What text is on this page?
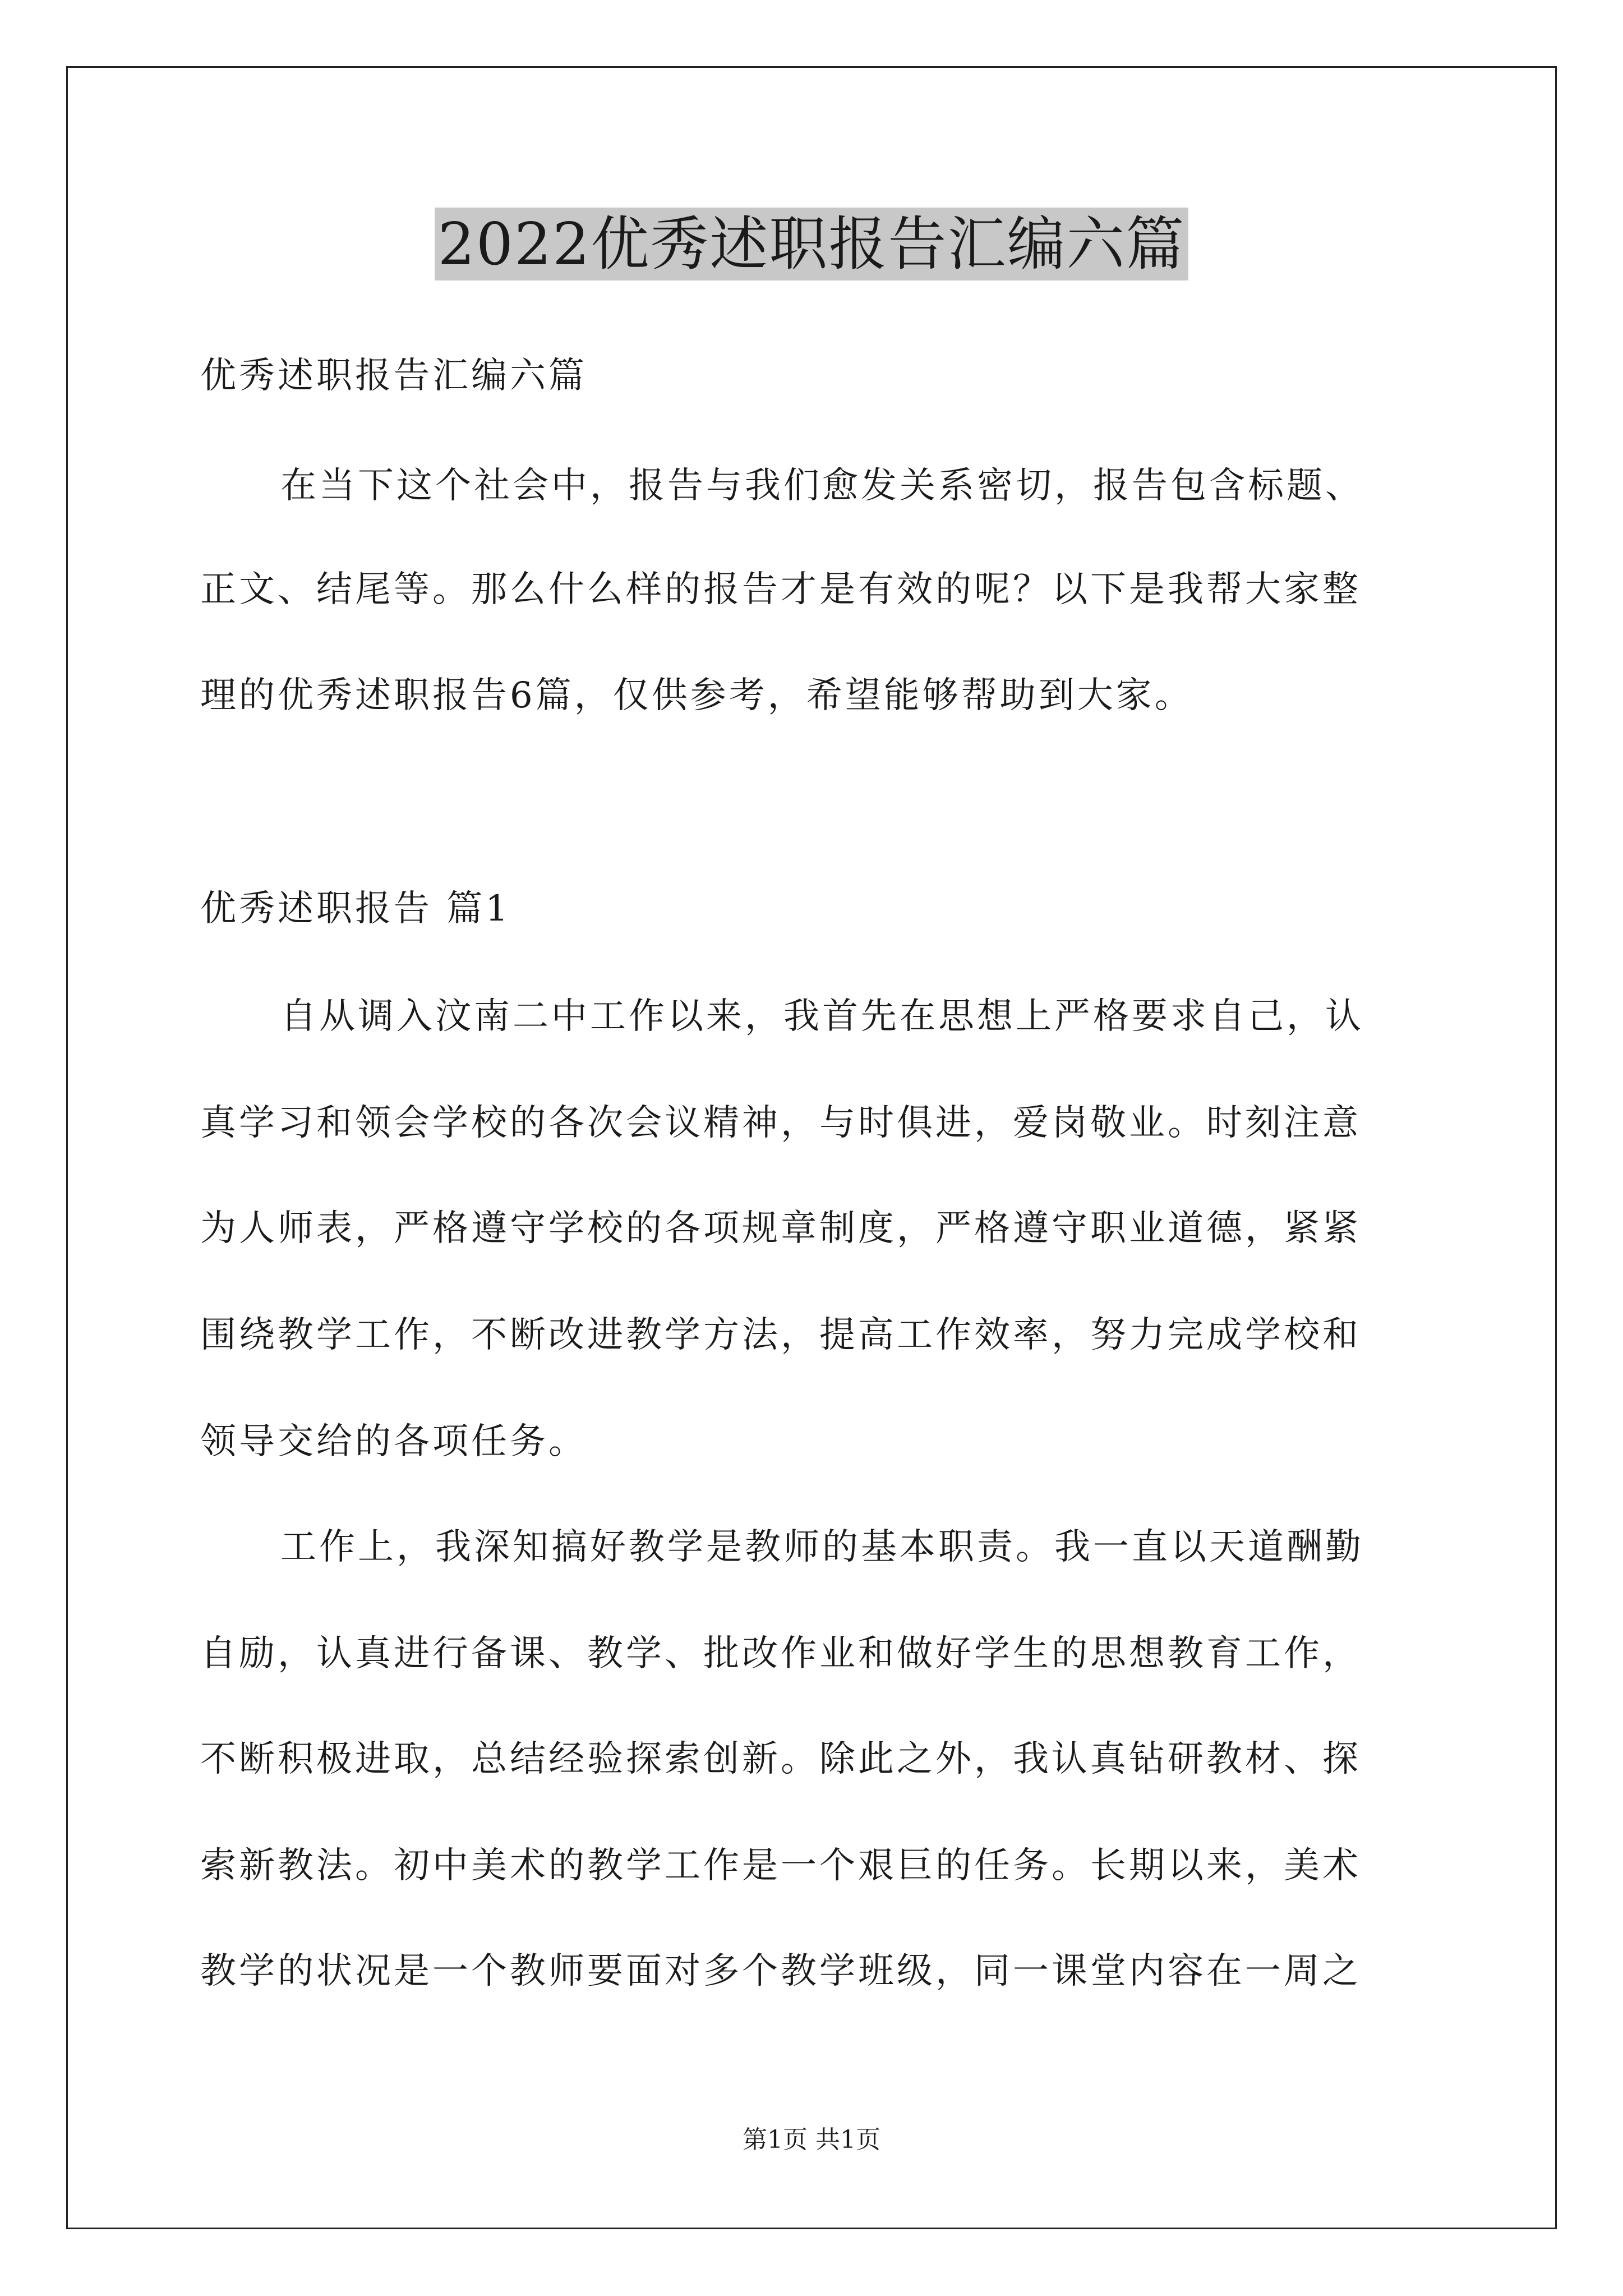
2022优秀述职报告汇编六篇
优秀述职报告汇编六篇
在当下这个社会中，报告与我们愈发关系密切，报告包含标题、
正文、结尾等。那么什么样的报告才是有效的呢？以下是我帮大家整
理的优秀述职报告6篇，仅供参考，希望能够帮助到大家。
优秀述职报告 篇1
自从调入汶南二中工作以来，我首先在思想上严格要求自己，认
真学习和领会学校的各次会议精神，与时俱进，爱岗敬业。时刻注意
为人师表，严格遵守学校的各项规章制度，严格遵守职业道德，紧紧
围绕教学工作，不断改进教学方法，提高工作效率，努力完成学校和
领导交给的各项任务。
工作上，我深知搞好教学是教师的基本职责。我一直以天道酬勤
自励，认真进行备课、教学、批改作业和做好学生的思想教育工作，
不断积极进取，总结经验探索创新。除此之外，我认真钻研教材、探
索新教法。初中美术的教学工作是一个艰巨的任务。长期以来，美术
教学的状况是一个教师要面对多个教学班级，同一课堂内容在一周之
第1页 共1页
